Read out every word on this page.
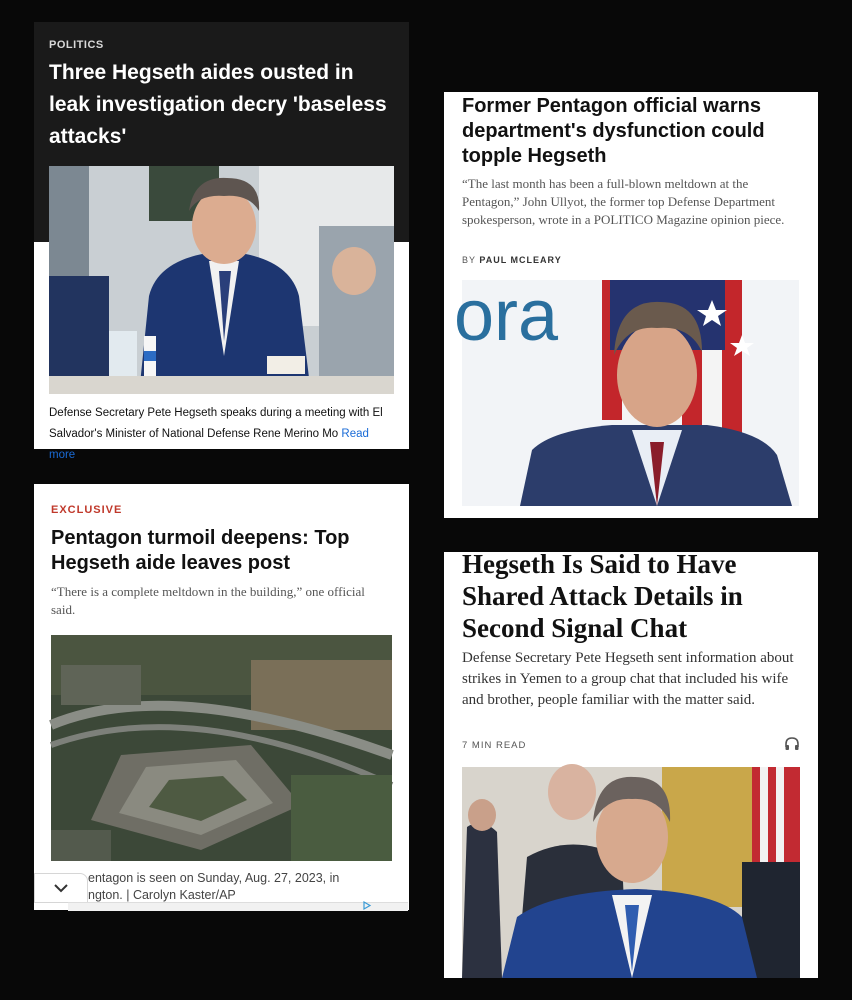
POLITICS
Three Hegseth aides ousted in leak investigation decry 'baseless attacks'
Defense Secretary Pete Hegseth speaks during a meeting with El Salvador's Minister of National Defense Rene Merino Mo Read more
Former Pentagon official warns department's dysfunction could topple Hegseth
“The last month has been a full-blown meltdown at the Pentagon,” John Ullyot, the former top Defense Department spokesperson, wrote in a POLITICO Magazine opinion piece.
BY PAUL MCLEARY
ora
EXCLUSIVE
Pentagon turmoil deepens: Top Hegseth aide leaves post
“There is a complete meltdown in the building,” one official said.
entagon is seen on Sunday, Aug. 27, 2023, in
ngton. | Carolyn Kaster/AP
Hegseth Is Said to Have Shared Attack Details in Second Signal Chat
Defense Secretary Pete Hegseth sent information about strikes in Yemen to a group chat that included his wife and brother, people familiar with the matter said.
7 MIN READ
